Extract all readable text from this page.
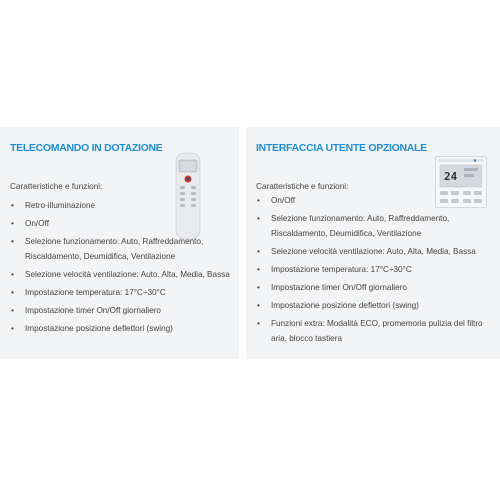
TELECOMANDO IN DOTAZIONE
Caratteristiche e funzioni:
• Retro-illuminazione
• On/Off
• Selezione funzionamento: Auto, Raffreddamento, Riscaldamento, Deumidifica, Ventilazione
• Selezione velocità ventilazione: Auto, Alta, Media, Bassa
• Impostazione temperatura: 17°C÷30°C
• Impostazione timer On/Off giornaliero
• Impostazione posizione deflettori (swing)
INTERFACCIA UTENTE OPZIONALE
24
Caratteristiche e funzioni:
• On/Off
• Selezione funzionamento: Auto, Raffreddamento, Riscaldamento, Deumidifica, Ventilazione
• Selezione velocità ventilazione: Auto, Alta, Media, Bassa
• Impostazione temperatura: 17°C÷30°C
• Impostazione timer On/Off giornaliero
• Impostazione posizione deflettori (swing)
• Funzioni extra: Modalità ECO, promemoria pulizia del filtro aria, blocco tastiera
